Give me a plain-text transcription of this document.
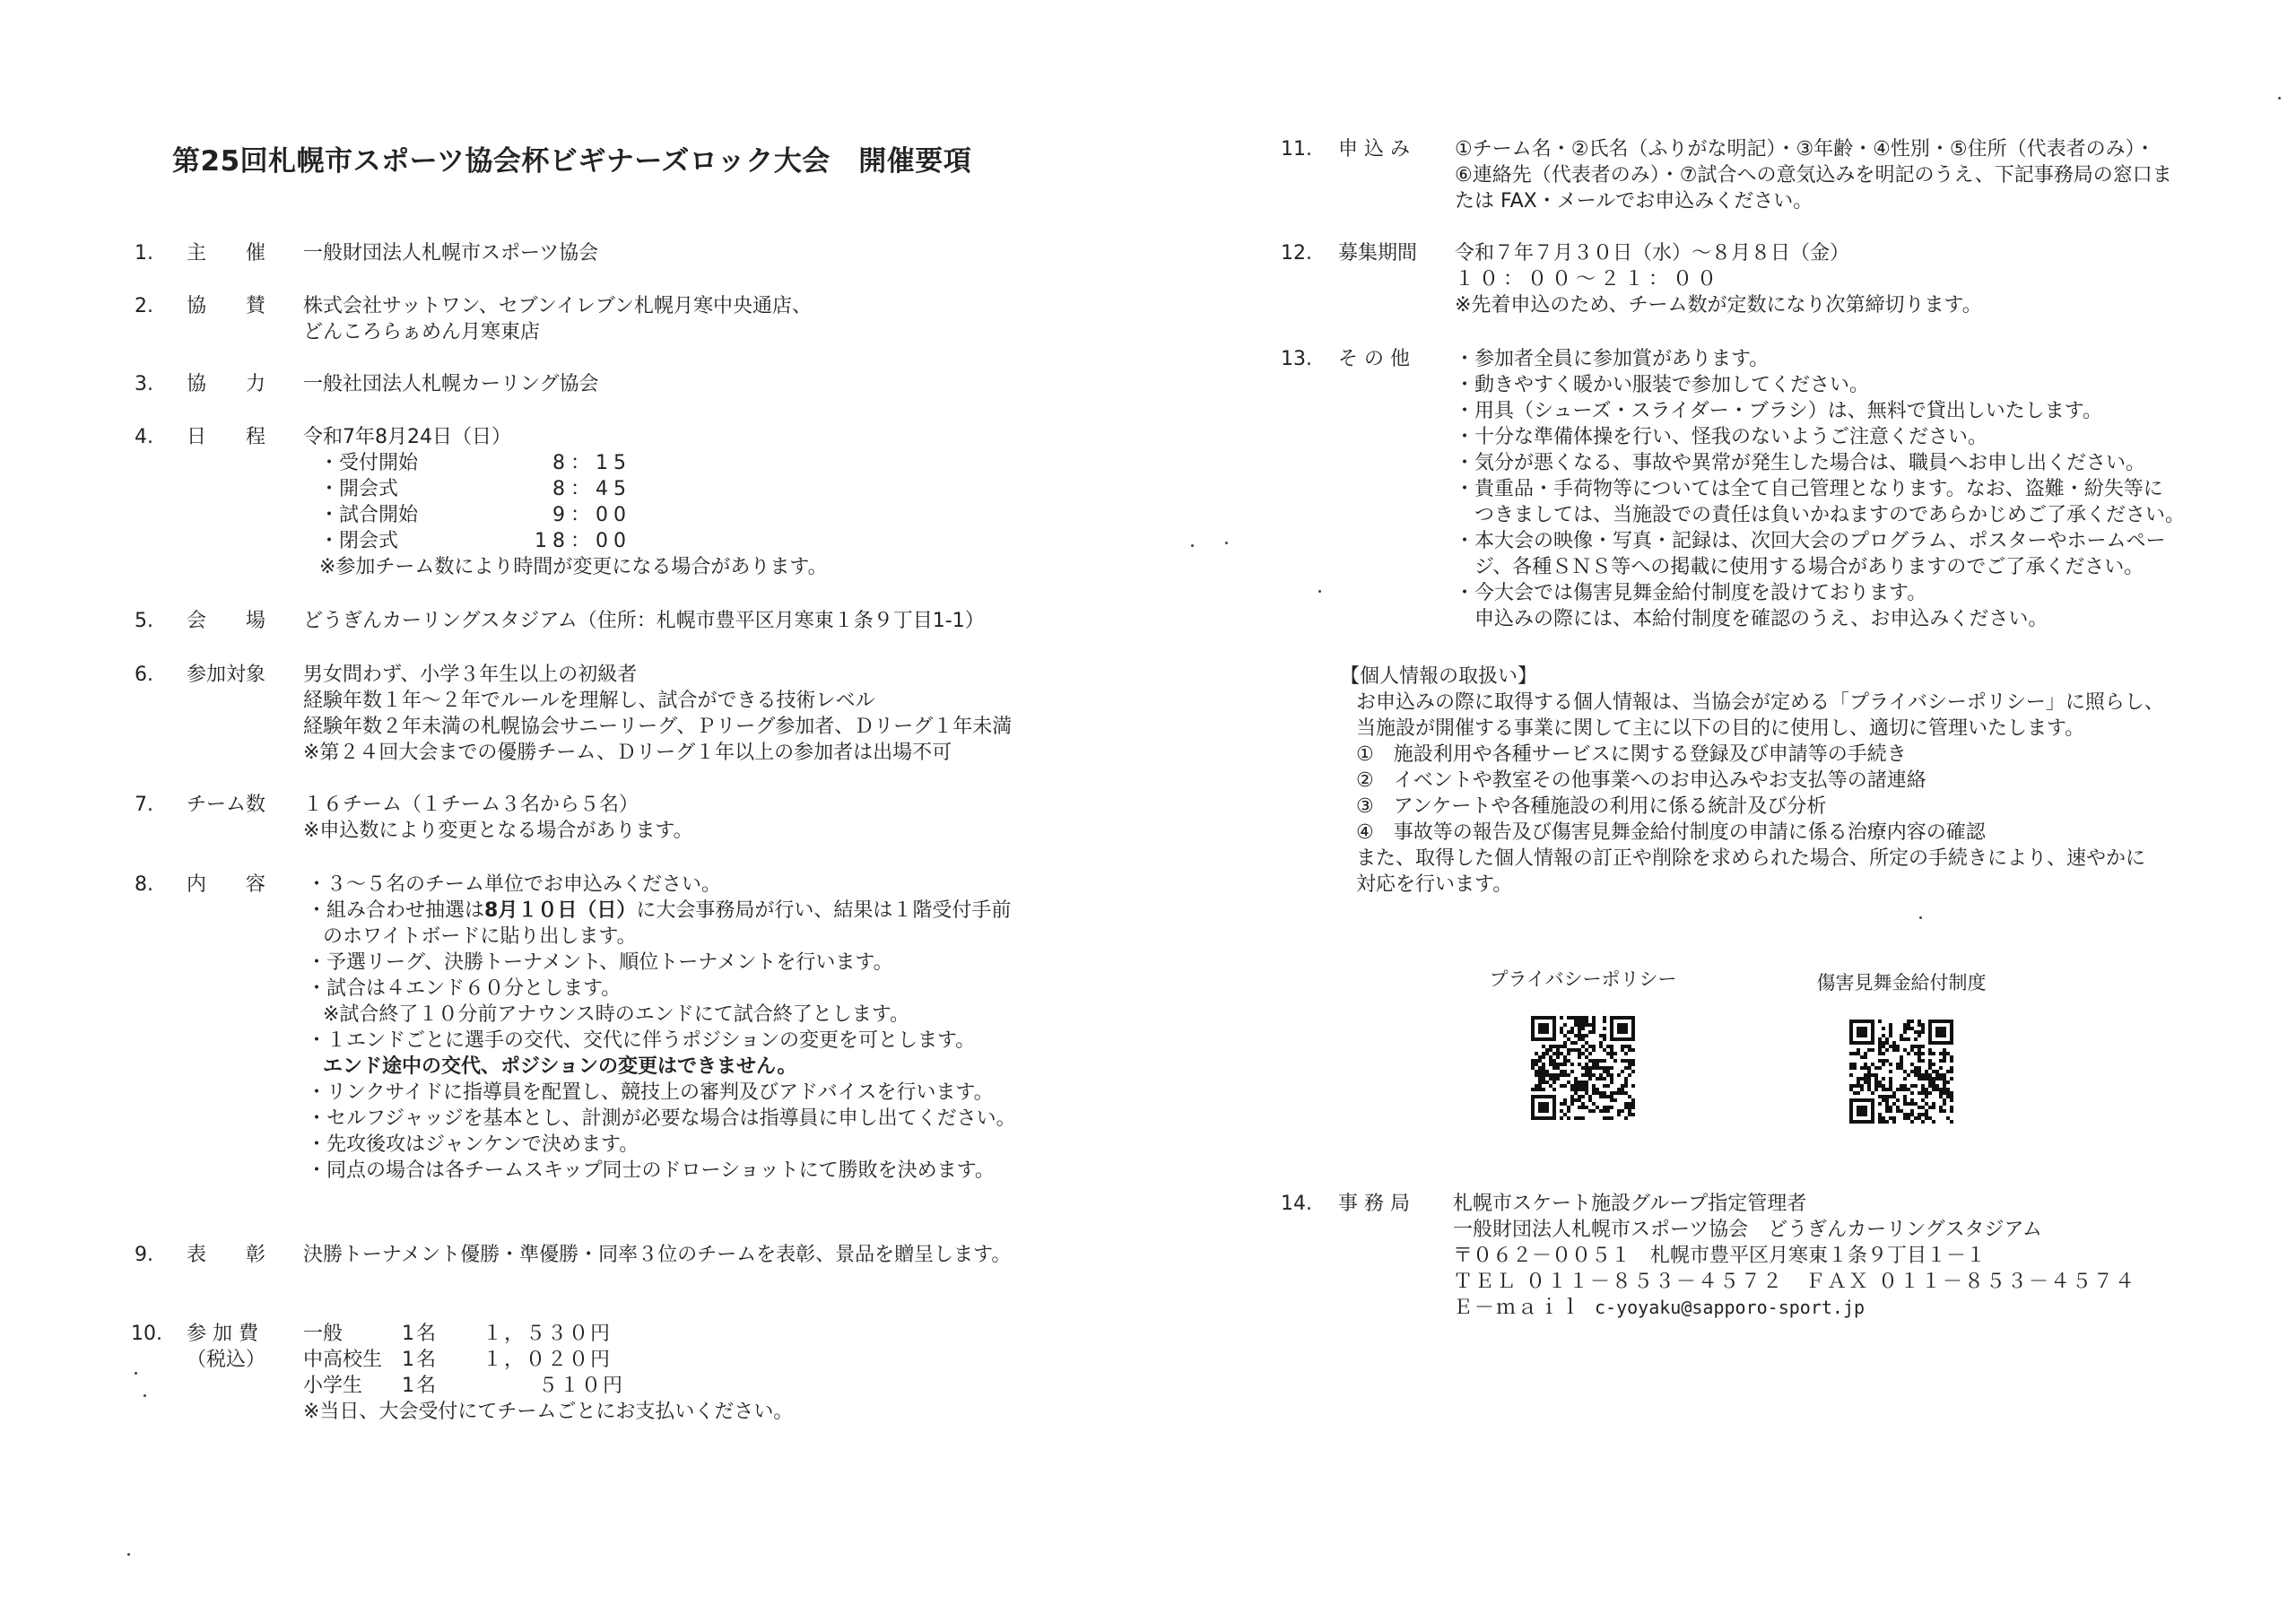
第25回札幌市スポーツ協会杯ビギナーズロック大会　開催要項
1.	主　　催 一般財団法人札幌市スポーツ協会
2.	協　　賛 株式会社サットワン、セブンイレブン札幌月寒中央通店、
どんころらぁめん月寒東店
3.	協　　力 一般社団法人札幌カーリング協会
4.	日　　程 令和7年8月24日（日）
・受付開始	8：15
・開会式	8：45
・試合開始	9：00
・閉会式	18：00
※参加チーム数により時間が変更になる場合があります。
5.	会　　場 どうぎんカーリングスタジアム（住所：札幌市豊平区月寒東１条９丁目1-1）
6.	参加対象 男女問わず、小学３年生以上の初級者
経験年数１年～２年でルールを理解し、試合ができる技術レベル
経験年数２年未満の札幌協会サニーリーグ、Ｐリーグ参加者、Ｄリーグ１年未満
※第２４回大会までの優勝チーム、Ｄリーグ１年以上の参加者は出場不可
7.	チーム数 １６チーム（１チーム３名から５名）
※申込数により変更となる場合があります。
8.	内　　容 ・３～５名のチーム単位でお申込みください。
・組み合わせ抽選は8月１０日（日）に大会事務局が行い、結果は１階受付手前
のホワイトボードに貼り出します。
・予選リーグ、決勝トーナメント、順位トーナメントを行います。
・試合は４エンド６０分とします。
※試合終了１０分前アナウンス時のエンドにて試合終了とします。
・１エンドごとに選手の交代、交代に伴うポジションの変更を可とします。
エンド途中の交代、ポジションの変更はできません。
・リンクサイドに指導員を配置し、競技上の審判及びアドバイスを行います。
・セルフジャッジを基本とし、計測が必要な場合は指導員に申し出てください。
・先攻後攻はジャンケンで決めます。
・同点の場合は各チームスキップ同士のドローショットにて勝敗を決めます。
9.	表　　彰 決勝トーナメント優勝・準優勝・同率３位のチームを表彰、景品を贈呈します。
10.	参 加 費
（税込）
一般	1名	１，５３０円
中高校生 1名	１，０２０円
小学生	1名	５１０円
※当日、大会受付にてチームごとにお支払いください。
11. 申 込 み ①チーム名・②氏名（ふりがな明記）・③年齢・④性別・⑤住所（代表者のみ）・
⑥連絡先（代表者のみ）・⑦試合への意気込みを明記のうえ、下記事務局の窓口ま
たは FAX・メールでお申込みください。
12. 募集期間 令和７年７月３０日（水）～８月８日（金）
１０：００～２１：００
※先着申込のため、チーム数が定数になり次第締切ります。
13. そ の 他 ・参加者全員に参加賞があります。
・動きやすく暖かい服装で参加してください。
・用具（シューズ・スライダー・ブラシ）は、無料で貸出しいたします。
・十分な準備体操を行い、怪我のないようご注意ください。
・気分が悪くなる、事故や異常が発生した場合は、職員へお申し出ください。
・貴重品・手荷物等については全て自己管理となります。なお、盗難・紛失等に
　つきましては、当施設での責任は負いかねますのであらかじめご了承ください。
・本大会の映像・写真・記録は、次回大会のプログラム、ポスターやホームペー
　ジ、各種ＳＮＳ等への掲載に使用する場合がありますのでご了承ください。
・今大会では傷害見舞金給付制度を設けております。
　申込みの際には、本給付制度を確認のうえ、お申込みください。
【個人情報の取扱い】
お申込みの際に取得する個人情報は、当協会が定める「プライバシーポリシー」に照らし、
当施設が開催する事業に関して主に以下の目的に使用し、適切に管理いたします。
①　施設利用や各種サービスに関する登録及び申請等の手続き
②　イベントや教室その他事業へのお申込みやお支払等の諸連絡
③　アンケートや各種施設の利用に係る統計及び分析
④　事故等の報告及び傷害見舞金給付制度の申請に係る治療内容の確認
また、取得した個人情報の訂正や削除を求められた場合、所定の手続きにより、速やかに
対応を行います。
プライバシーポリシー	傷害見舞金給付制度
14. 事 務 局 札幌市スケート施設グループ指定管理者
一般財団法人札幌市スポーツ協会　どうぎんカーリングスタジアム
〒０６２－００５１　札幌市豊平区月寒東１条９丁目１－１
ＴＥＬ ０１１－８５３－４５７２　ＦＡＸ ０１１－８５３－４５７４
Ｅ－ｍａｉｌ c-yoyaku@sapporo-sport.jp
